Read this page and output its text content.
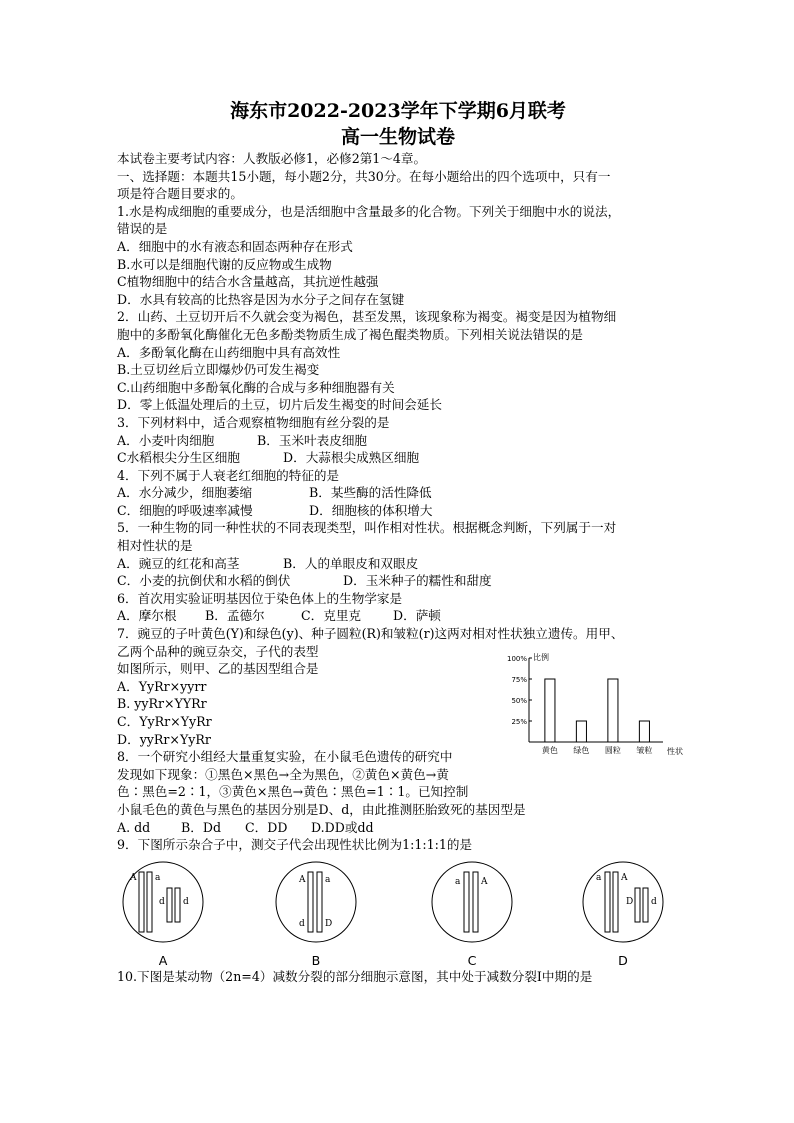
海东市2022-2023学年下学期6月联考
高一生物试卷
本试卷主要考试内容：人教版必修1，必修2第1～4章。
一、选择题：本题共15小题，每小题2分，共30分。在每小题给出的四个选项中，只有一
项是符合题目要求的。
1.水是构成细胞的重要成分，也是活细胞中含量最多的化合物。下列关于细胞中水的说法，
错误的是
A．细胞中的水有液态和固态两种存在形式
B.水可以是细胞代谢的反应物或生成物
C植物细胞中的结合水含量越高，其抗逆性越强
D．水具有较高的比热容是因为水分子之间存在氢键
2．山药、土豆切开后不久就会变为褐色，甚至发黑，该现象称为褐变。褐变是因为植物细
胞中的多酚氧化酶催化无色多酚类物质生成了褐色醌类物质。下列相关说法错误的是
A．多酚氧化酶在山药细胞中具有高效性
B.土豆切丝后立即爆炒仍可发生褐变
C.山药细胞中多酚氧化酶的合成与多种细胞器有关
D．零上低温处理后的土豆，切片后发生褐变的时间会延长
3．下列材料中，适合观察植物细胞有丝分裂的是
A．小麦叶肉细胞	B．玉米叶表皮细胞
C水稻根尖分生区细胞	D．大蒜根尖成熟区细胞
4．下列不属于人衰老红细胞的特征的是
A．水分减少，细胞萎缩	B．某些酶的活性降低
C．细胞的呼吸速率减慢	D．细胞核的体积增大
5．一种生物的同一种性状的不同表现类型，叫作相对性状。根据概念判断，下列属于一对
相对性状的是
A．豌豆的红花和高茎	B．人的单眼皮和双眼皮
C．小麦的抗倒伏和水稻的倒伏	D．玉米种子的糯性和甜度
6．首次用实验证明基因位于染色体上的生物学家是
A．摩尔根 B．孟德尔	C．克里克	D．萨顿
7．豌豆的子叶黄色(Y)和绿色(y)、种子圆粒(R)和皱粒(r)这两对相对性状独立遗传。用甲、
乙两个品种的豌豆杂交，子代的表型
如图所示，则甲、乙的基因型组合是
A．YyRr×yyrr
B. yyRr×YYRr
C．YyRr×YyRr
D．yyRr×YyRr
比例
100%
75%
50%
25%
黄色 绿色 圆粒 皱粒 性状
8．一个研究小组经大量重复实验，在小鼠毛色遗传的研究中
发现如下现象：①黑色×黑色→全为黑色，②黄色×黄色→黄
色∶黑色=2∶1，③黄色×黑色→黄色∶黑色=1∶1。已知控制
小鼠毛色的黄色与黑色的基因分别是D、d，由此推测胚胎致死的基因型是
A. dd B．Dd C．DD D.DD或dd
9．下图所示杂合子中，测交子代会出现性状比例为1:1:1:1的是
A a
d d
A
A a
d D
B
a A
C
a A
D d
D
10.下图是某动物（2n=4）减数分裂的部分细胞示意图，其中处于减数分裂Ⅰ中期的是
